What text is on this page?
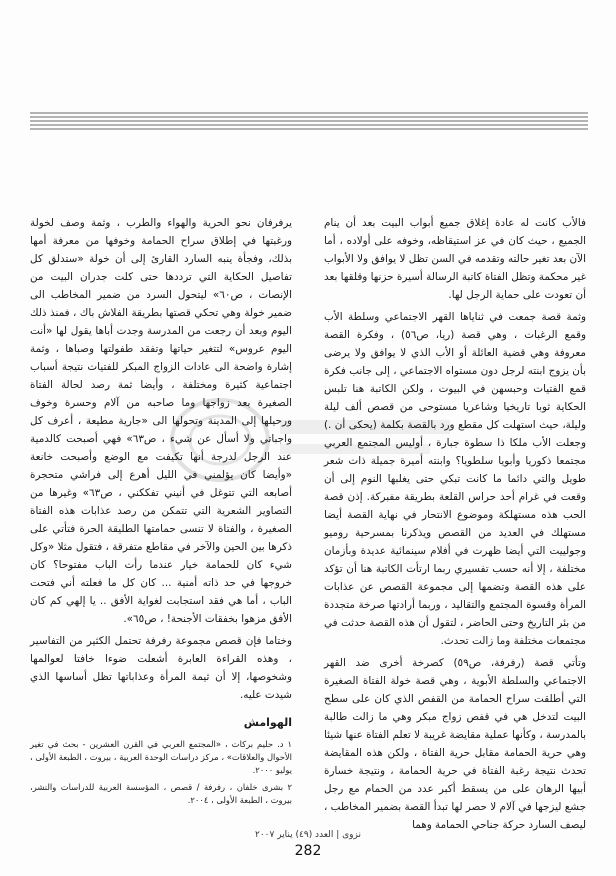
فالأب كانت له عادة إغلاق جميع أبواب البيت بعد أن ينام الجميع ، حيث كان في عز استيقاظه، وخوفه على أولاده ، أما الآن بعد تغير حالته وتقدمه في السن تظل لا يوافق ولا الأبواب غير محكمة وتظل الفتاة كاتبة الرسالة أسيرة حزنها وقلقها بعد أن تعودت على حماية الرجل لها.

وثمة قصة جمعت في ثناياها القهر الاجتماعي وسلطة الأب وقمع الرغبات ، وهي قصة (ريا، ص٥٦) ، وفكرة القصة معروفة وهي قضية العائلة أو الأب الذي لا يوافق ولا يرضى بأن يزوج ابنته لرجل دون مستواه الاجتماعي ، إلى جانب فكرة قمع الفتيات وحبسهن في البيوت ، ولكن الكاتبة هنا تلبس الحكاية ثوبا تاريخيا وشاعريا مستوحى من قصص ألف ليلة وليلة، حيث استهلت كل مقطع ورد بالقصة بكلمة (يحكى أن .) وجعلت الأب ملكا ذا سطوة جبارة ، أوليس المجتمع العربي مجتمعا ذكوريا وأبويا سلطويا؟ وابنته أميرة جميلة ذات شعر طويل والتي دائما ما كانت تبكي حتى يغلبها النوم إلى أن وقعت في غرام أحد حراس القلعة بطريقة مفبركة. إذن قصة الحب هذه مستهلكة وموضوع الانتحار في نهاية القصة أيضا مستهلك في العديد من القصص ويذكرنا بمسرحية روميو وجولييت التي أيضا ظهرت في أفلام سينمائية عديدة وبأزمان مختلفة ، إلا أنه حسب تفسيري ربما ارتأت الكاتبة هنا أن تؤكد على هذه القصة وتضمها إلى مجموعة القصص عن عذابات المرأة وقسوة المجتمع والتقاليد ، وربما أرادتها صرخة متجددة من بئر التاريخ وحتى الحاضر ، لتقول أن هذه القصة حدثت في مجتمعات مختلفة وما زالت تحدث.

وتأتي قصة (رفرفة، ص٥٩) كصرخة أخرى ضد القهر الاجتماعي والسلطة الأبوية ، وهي قصة خولة الفتاة الصغيرة التي أطلقت سراح الحمامة من القفص الذي كان على سطح البيت لتدخل هي في قفص زواج مبكر وهي ما زالت طالبة بالمدرسة ، وكأنها عملية مقايضة غريبة لا تعلم الفتاة عنها شيئا وهي حرية الحمامة مقابل حرية الفتاة ، ولكن هذه المقايضة تحدث نتيجة رغبة الفتاة في حرية الحمامة ، ونتيجة خسارة أبيها الرهان على من يسقط أكبر عدد من الحمام مع رجل جشع ليزجها في آلام لا حصر لها تبدأ القصة بضمير المخاطب ، ليصف السارد حركة جناحي الحمامة وهما

يرفرفان نحو الحرية والهواء والطرب ، وثمة وصف لخولة ورغبتها في إطلاق سراح الحمامة وخوفها من معرفة أمها بذلك، وفجأة ينبه السارد القارئ إلى أن خولة «ستدلق كل تفاصيل الحكاية التي ترددها حتى كلت جدران البيت من الإنصات ، ص٦٠» ليتحول السرد من ضمير المخاطب الى ضمير خولة وهي تحكي قصتها بطريقة الفلاش باك ، فمنذ ذلك اليوم وبعد أن رجعت من المدرسة وجدت أباها يقول لها «أنت اليوم عروس» لتتغير حياتها وتفقد طفولتها وصباها ، وثمة إشارة واضحة الى عادات الزواج المبكر للفتيات نتيجة أسباب اجتماعية كثيرة ومختلفة ، وأيضا ثمة رصد لحالة الفتاة الصغيرة بعد زواجها وما صاحبه من آلام وحسرة وخوف ورحيلها إلى المدينة وتحولها الى «جارية مطيعة ، أعرف كل واجباتي ولا أسأل عن شيء ، ص٦٣» فهي أصبحت كالدمية عند الرجل لدرجة أنها تكيفت مع الوضع وأصبحت خانعة «وأيضا كان يؤلمني في الليل أهرع إلى فراشي متحجرة أصابعه التي تتوغل في أنيني تفككني ، ص٦٣» وغيرها من التصاوير الشعرية التي تتمكن من رصد عذابات هذه الفتاة الصغيرة ، والفتاة لا تنسى حمامتها الطليقة الحرة فتأتي على ذكرها بين الحين والآخر في مقاطع متفرقة ، فتقول مثلا «وكل شيء كان للحمامة خيار عندما رأت الباب مفتوحا؟ كان خروجها في حد ذاته أمنية ... كان كل ما فعلته أني فتحت الباب ، أما هي فقد استجابت لغواية الأفق .. يا إلهي كم كان الأفق مزهوا بخفقات الأجنحة! ، ص٦٥».

وختاما فإن قصص مجموعة رفرفة تحتمل الكثير من التفاسير ، وهذه القراءة العابرة أشعلت ضوءا خافتا لعوالمها وشخوصها، إلا أن ثيمة المرأة وعذاباتها تظل أساسها الذي شيدت عليه.

الهوامش

١ د. حليم بركات ، «المجتمع العربي في القرن العشرين - بحث في تغير الأحوال والعلاقات» ، مركز دراسات الوحدة العربية ، بيروت ، الطبعة الأولى ، يوليو ٢٠٠٠.

٢ بشرى خلفان ، رفرفة / قصص ، المؤسسة العربية للدراسات والنشر، بيروت ، الطبعة الأولى ، ٢٠٠٤.

نزوى | العدد (٤٩) يناير ٢٠٠٧
282
